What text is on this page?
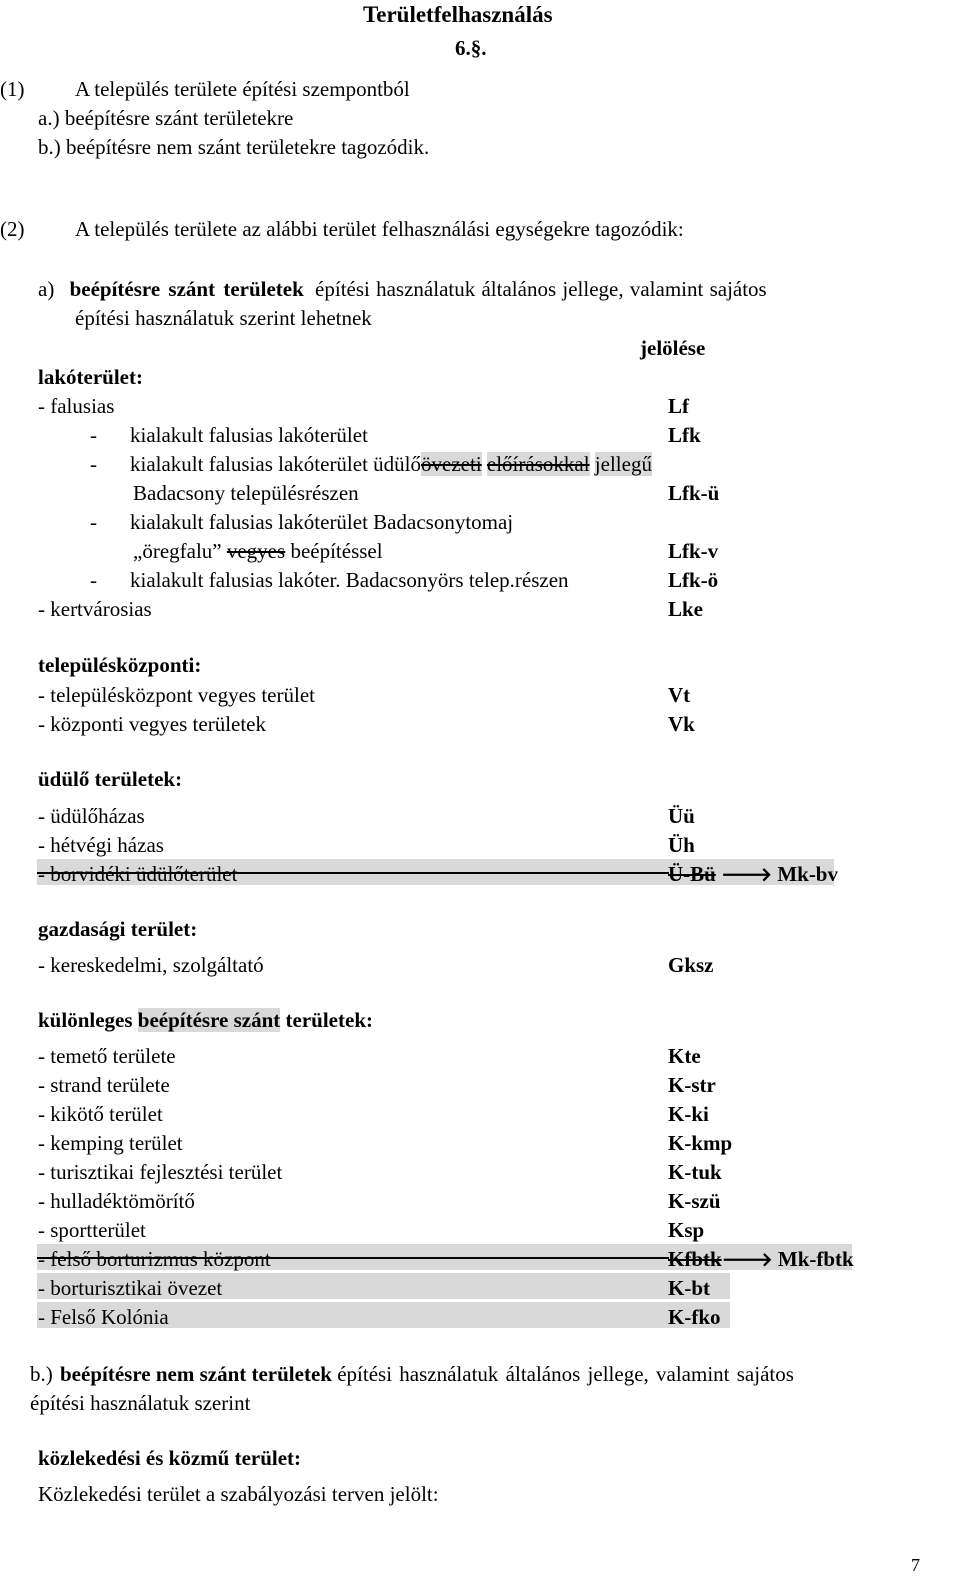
Területfelhasználás
6.§.
(1) A település területe építési szempontból
a.) beépítésre szánt területekre
b.) beépítésre nem szánt területekre tagozódik.
(2) A település területe az alábbi terület felhasználási egységekre tagozódik:
a) beépítésre szánt területek építési használatuk általános jellege, valamint sajátos
építési használatuk szerint lehetnek
jelölése
lakóterület:
- falusias	Lf
- kialakult falusias lakóterület	Lfk
- kialakult falusias lakóterület üdülőövezeti előírásokkal jellegű
Badacsony településrészen	Lfk-ü
- kialakult falusias lakóterület Badacsonytomaj
„öregfalu” vegyes beépítéssel	Lfk-v
- kialakult falusias lakóter. Badacsonyörs telep.részen	Lfk-ö
- kertvárosias	Lke
településközponti:
- településközpont vegyes terület	Vt
- központi vegyes területek	Vk
üdülő területek:
- üdülőházas	Üü
- hétvégi házas	Üh
- borvidéki üdülőterület	Ü-Bü 🡒 Mk-bv
gazdasági terület:
- kereskedelmi, szolgáltató	Gksz
különleges beépítésre szánt területek:
- temető területe	Kte
- strand területe	K-str
- kikötő terület	K-ki
- kemping terület	K-kmp
- turisztikai fejlesztési terület	K-tuk
- hulladéktömörítő	K-szü
- sportterület	Ksp
- felső borturizmus központ	Kfbtk🡒 Mk-fbtk
- borturisztikai övezet	K-bt
- Felső Kolónia	K-fko
b.) beépítésre nem szánt területek építési használatuk általános jellege, valamint sajátos
építési használatuk szerint
közlekedési és közmű terület:
Közlekedési terület a szabályozási terven jelölt:
7
